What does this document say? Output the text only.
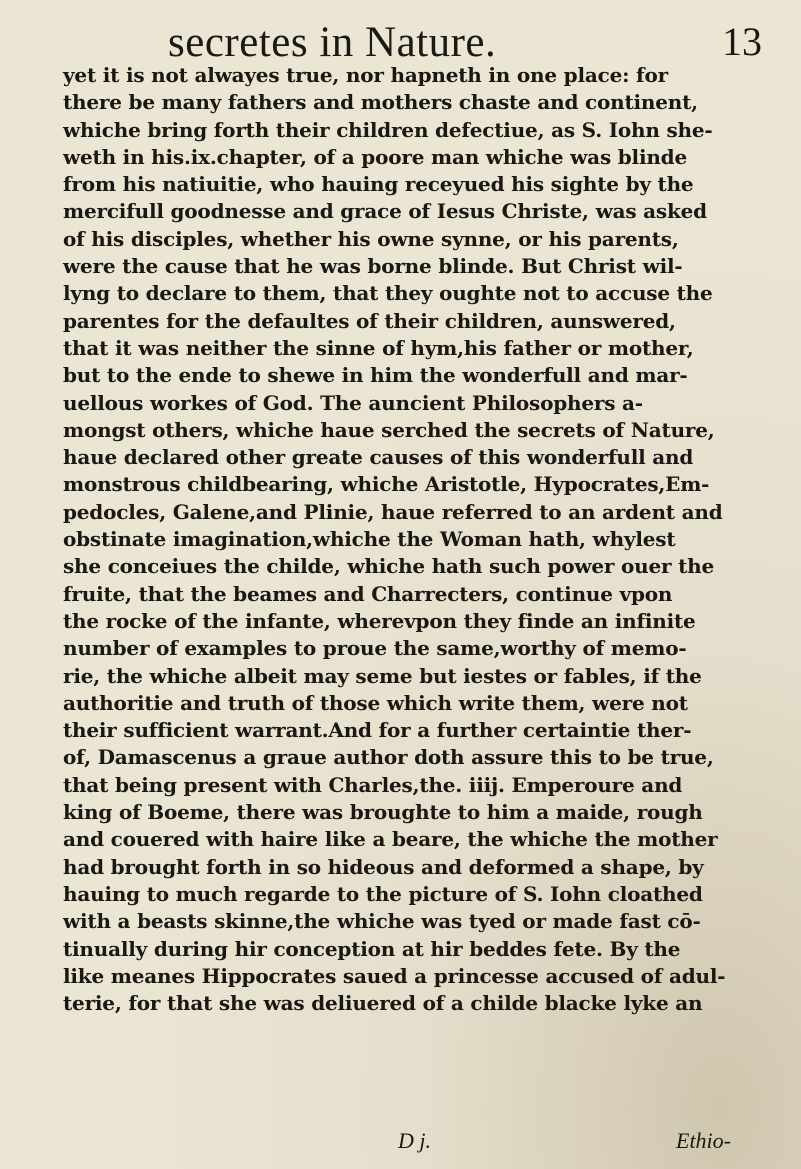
secretes in Nature.	13
yet it is not alwayes true, nor hapneth in one place: for
there be many fathers and mothers chaste and continent,
whiche bring forth their children defectiue, as S. Iohn she-
weth in his.ix.chapter, of a poore man whiche was blinde
from his natiuitie, who hauing receyued his sighte by the
mercifull goodnesse and grace of Iesus Christe, was asked
of his disciples, whether his owne synne, or his parents,
were the cause that he was borne blinde. But Christ wil-
lyng to declare to them, that they oughte not to accuse the
parentes for the defaultes of their children, aunswered,
that it was neither the sinne of hym,his father or mother,
but to the ende to shewe in him the wonderfull and mar-
uellous workes of God. The auncient Philosophers a-
mongst others, whiche haue serched the secrets of Nature,
haue declared other greate causes of this wonderfull and
monstrous childbearing, whiche Aristotle, Hypocrates,Em-
pedocles, Galene,and Plinie, haue referred to an ardent and
obstinate imagination,whiche the Woman hath, whylest
she conceiues the childe, whiche hath such power ouer the
fruite, that the beames and Charrecters, continue vpon
the rocke of the infante, wherevpon they finde an infinite
number of examples to proue the same,worthy of memo-
rie, the whiche albeit may seme but iestes or fables, if the
authoritie and truth of those which write them, were not
their sufficient warrant.And for a further certaintie ther-
of, Damascenus a graue author doth assure this to be true,
that being present with Charles,the. iiij. Emperoure and
king of Boeme, there was broughte to him a maide, rough
and couered with haire like a beare, the whiche the mother
had brought forth in so hideous and deformed a shape, by
hauing to much regarde to the picture of S. Iohn cloathed
with a beasts skinne,the whiche was tyed or made fast cō-
tinually during hir conception at hir beddes fete. By the
like meanes Hippocrates saued a princesse accused of adul-
terie, for that she was deliuered of a childe blacke lyke an
D j.	Ethio-
